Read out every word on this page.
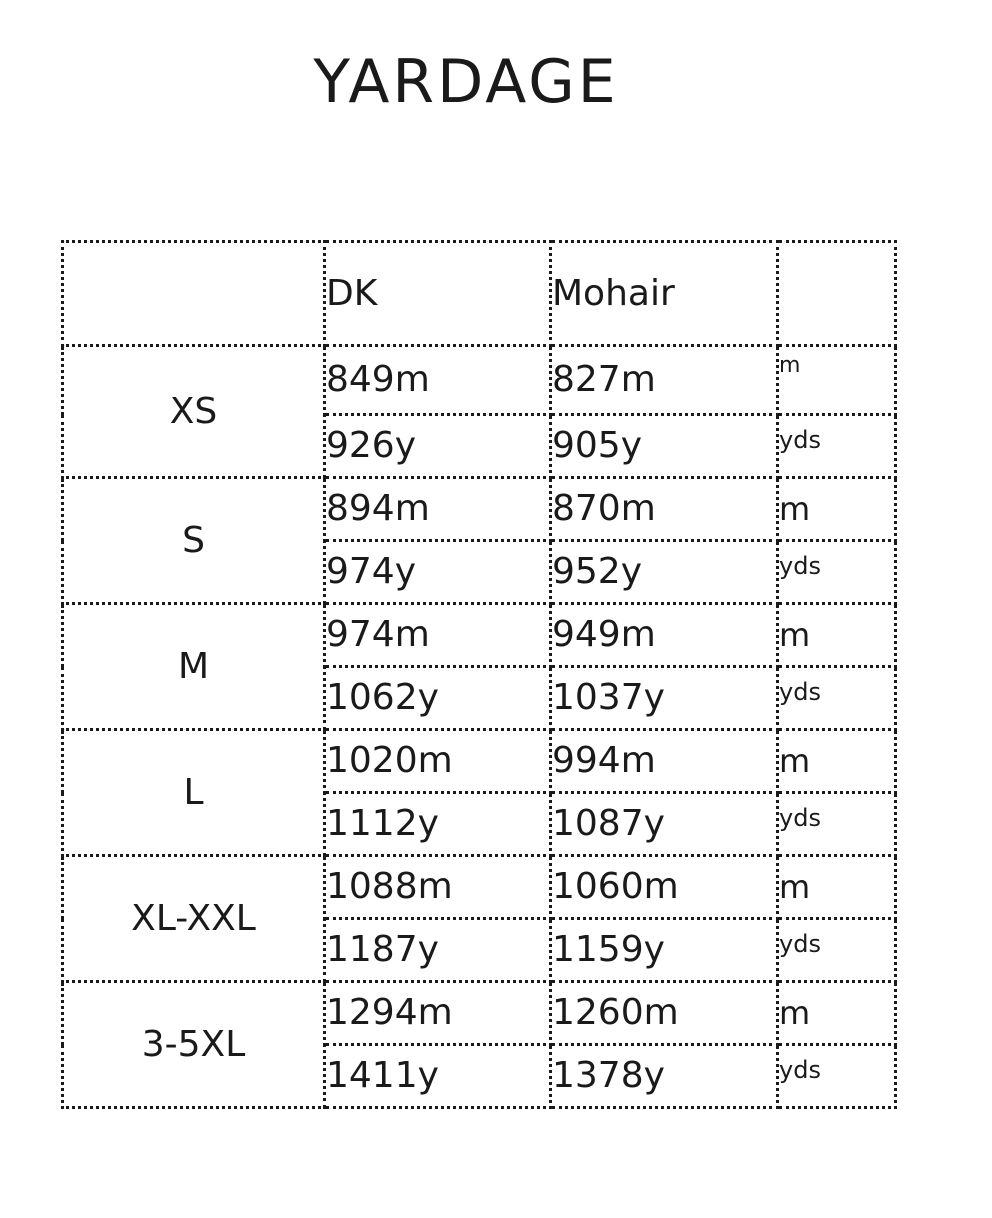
YARDAGE
	DK	Mohair	
XS	849m	827m	m
	926y	905y	yds
S	894m	870m	m
	974y	952y	yds
M	974m	949m	m
	1062y	1037y	yds
L	1020m	994m	m
	1112y	1087y	yds
XL-XXL	1088m	1060m	m
	1187y	1159y	yds
3-5XL	1294m	1260m	m
	1411y	1378y	yds
